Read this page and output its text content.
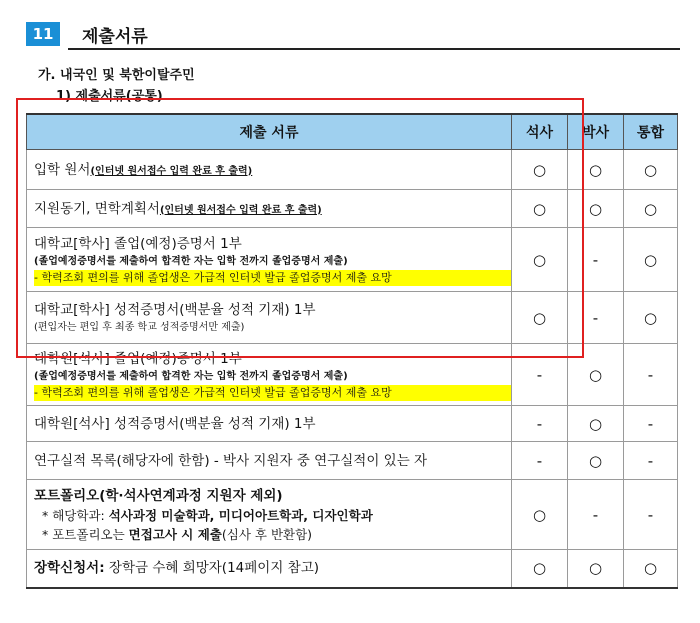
11	제출서류
가. 내국인 및 북한이탈주민
1) 제출서류(공통)
제출 서류	석사	박사	통합
입학 원서(인터넷 원서접수 입력 완료 후 출력)	○	○	○
지원동기, 면학계획서(인터넷 원서접수 입력 완료 후 출력)	○	○	○

대학교[학사] 졸업(예정)증명서 1부
(졸업예정증명서를 제출하여 합격한 자는 입학 전까지 졸업증명서 제출)
- 학력조회 편의를 위해 졸업생은 가급적 인터넷 발급 졸업증명서 제출 요망	○	-	○

대학교[학사] 성적증명서(백분율 성적 기재) 1부
(편입자는 편입 후 최종 학교 성적증명서만 제출)	○	-	○

대학원[석사] 졸업(예정)증명서 1부
(졸업예정증명서를 제출하여 합격한 자는 입학 전까지 졸업증명서 제출)
- 학력조회 편의를 위해 졸업생은 가급적 인터넷 발급 졸업증명서 제출 요망	-	○	-
대학원[석사] 성적증명서(백분율 성적 기재) 1부	-	○	-
연구실적 목록(해당자에 한함) - 박사 지원자 중 연구실적이 있는 자	-	○	-

포트폴리오(학·석사연계과정 지원자 제외)
* 해당학과: 석사과정 미술학과, 미디어아트학과, 디자인학과
* 포트폴리오는 면접고사 시 제출(심사 후 반환함)	○	-	-
장학신청서: 장학금 수혜 희망자(14페이지 참고)	○	○	○
